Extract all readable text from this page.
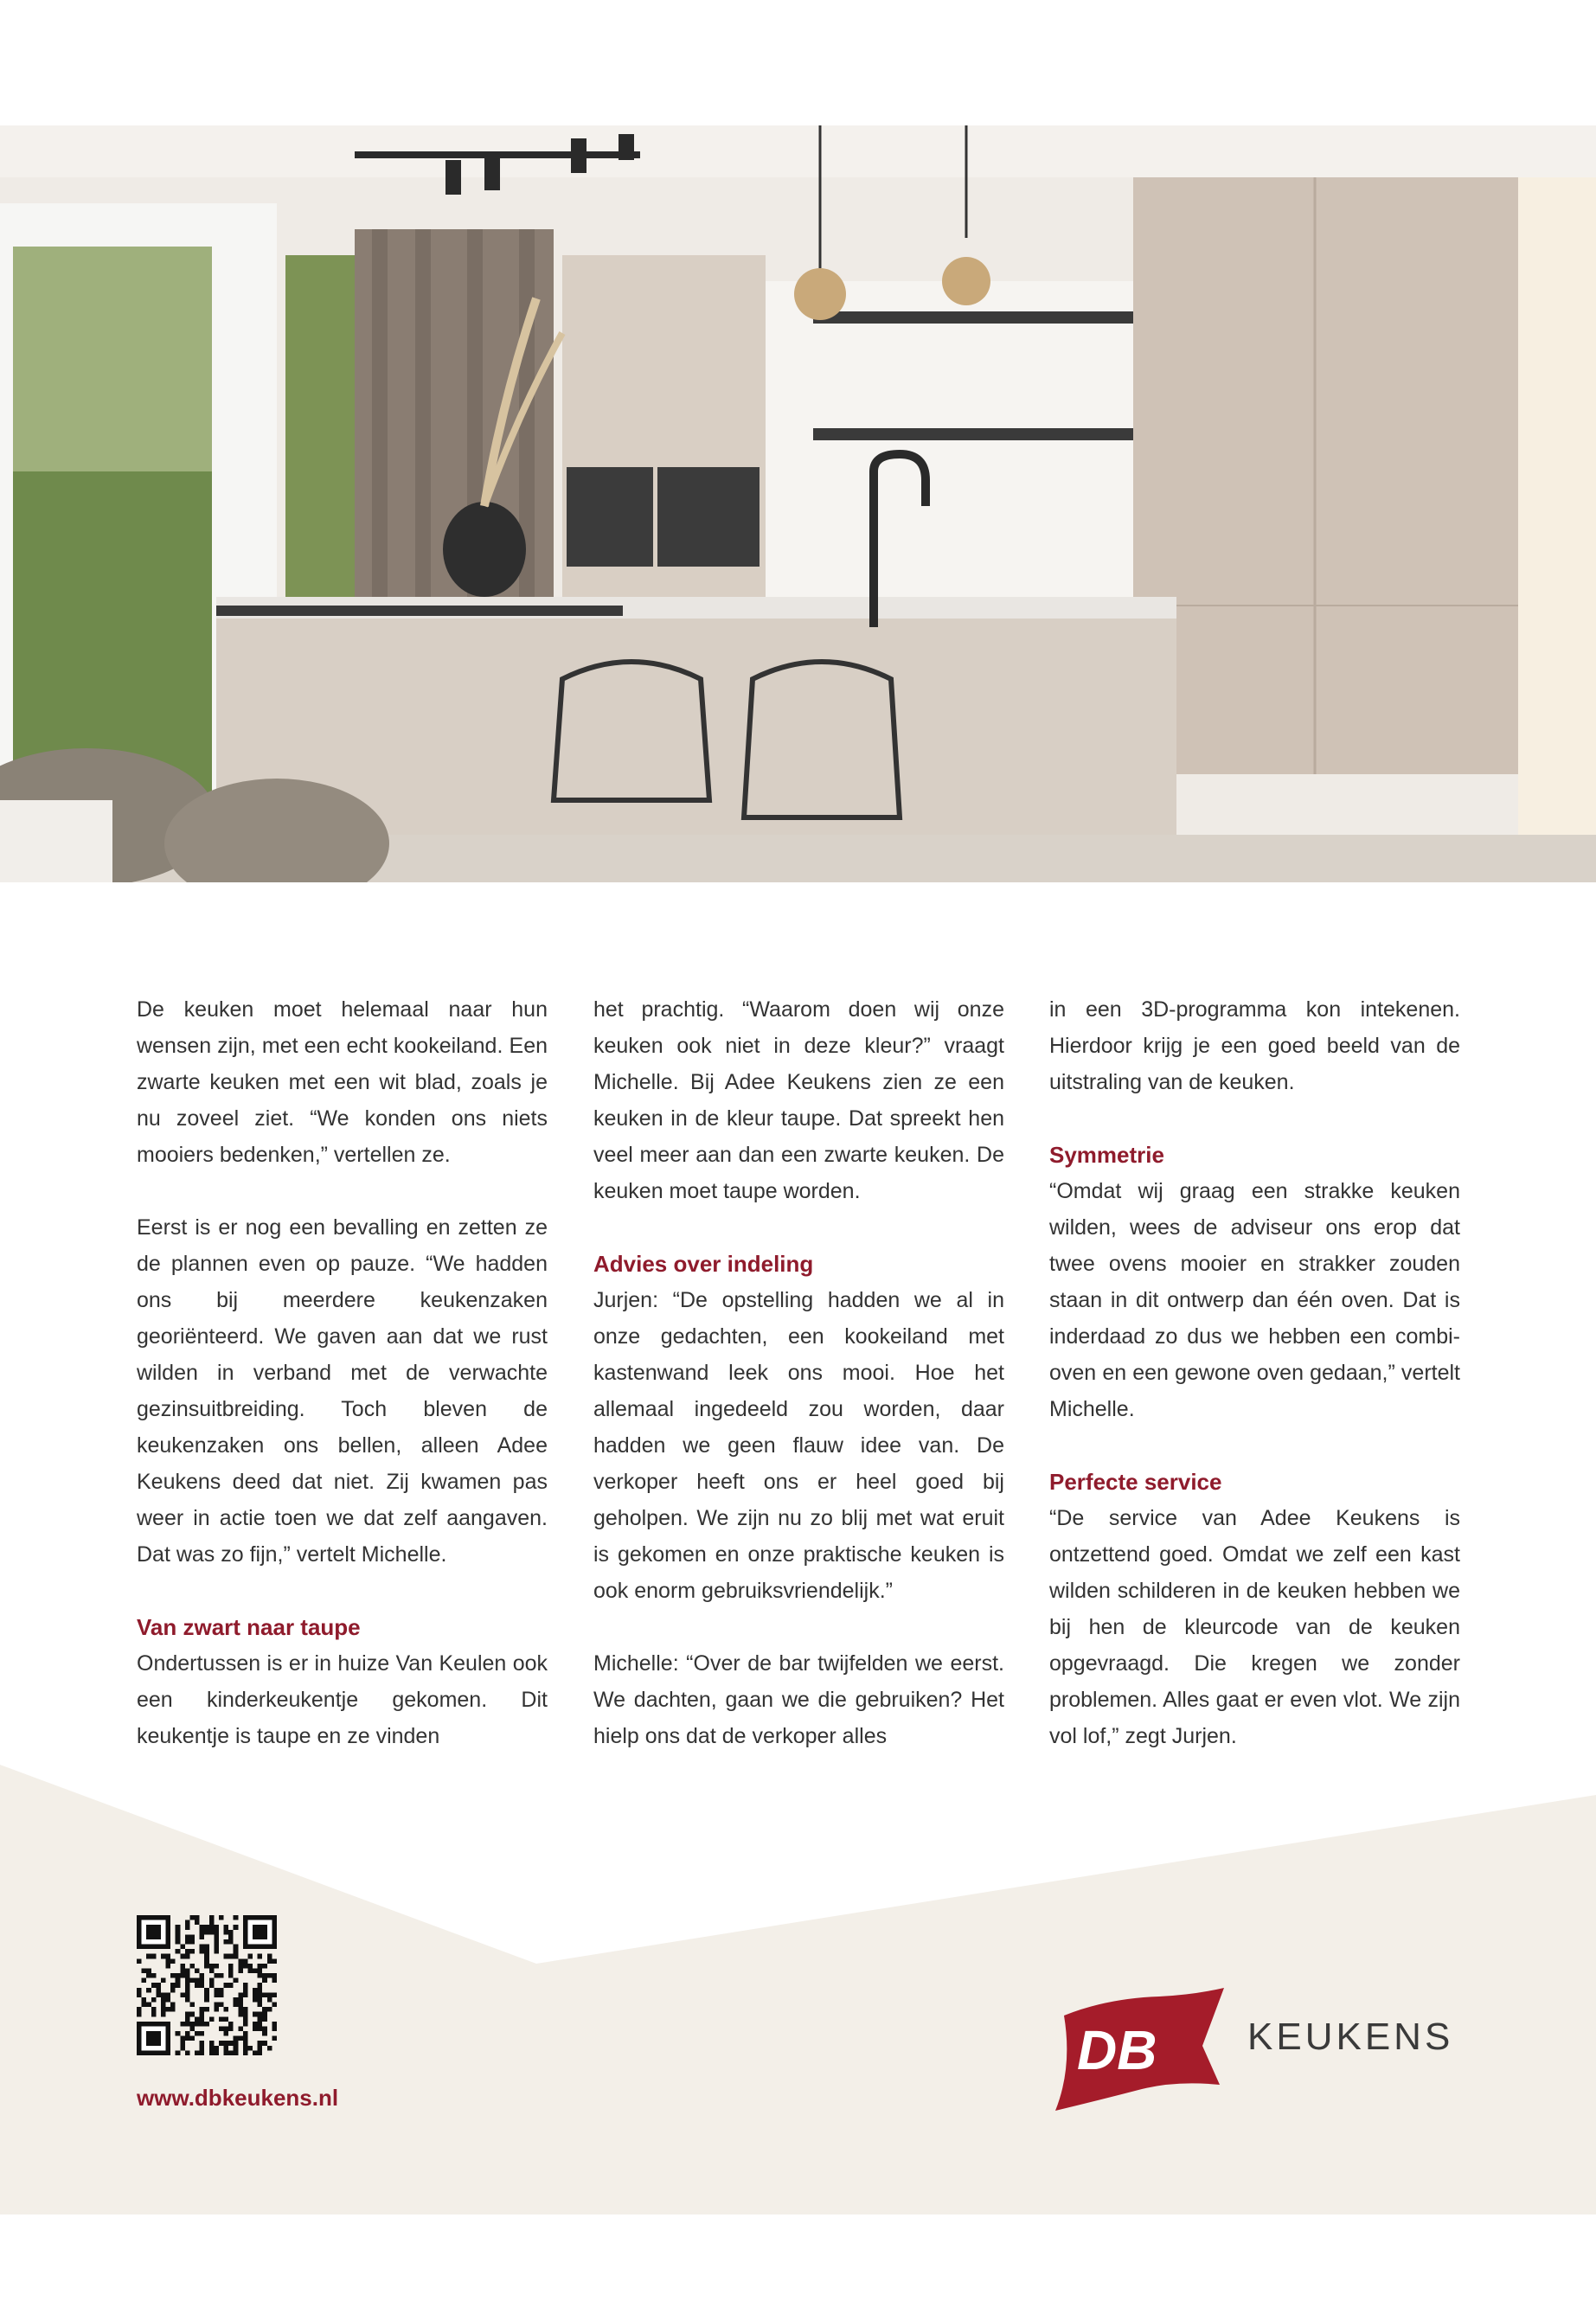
De keuken moet helemaal naar hun wensen zijn, met een echt kookeiland. Een zwarte keuken met een wit blad, zoals je nu zoveel ziet. “We konden ons niets mooiers bedenken,” vertellen ze.

Eerst is er nog een bevalling en zetten ze de plannen even op pauze. “We hadden ons bij meerdere keukenzaken georiënteerd. We gaven aan dat we rust wilden in verband met de verwachte gezinsuitbreiding. Toch bleven de keukenzaken ons bellen, alleen Adee Keukens deed dat niet. Zij kwamen pas weer in actie toen we dat zelf aangaven. Dat was zo fijn,” vertelt Michelle.

Van zwart naar taupe

Ondertussen is er in huize Van Keulen ook een kinderkeukentje gekomen. Dit keukentje is taupe en ze vinden

het prachtig. “Waarom doen wij onze keuken ook niet in deze kleur?” vraagt Michelle. Bij Adee Keukens zien ze een keuken in de kleur taupe. Dat spreekt hen veel meer aan dan een zwarte keuken. De keuken moet taupe worden.

Advies over indeling

Jurjen: “De opstelling hadden we al in onze gedachten, een kookeiland met kastenwand leek ons mooi. Hoe het allemaal ingedeeld zou worden, daar hadden we geen flauw idee van. De verkoper heeft ons er heel goed bij geholpen. We zijn nu zo blij met wat eruit is gekomen en onze praktische keuken is ook enorm gebruiksvriendelijk.”

Michelle: “Over de bar twijfelden we eerst. We dachten, gaan we die gebruiken? Het hielp ons dat de verkoper alles

in een 3D-programma kon intekenen. Hierdoor krijg je een goed beeld van de uitstraling van de keuken.

Symmetrie

“Omdat wij graag een strakke keuken wilden, wees de adviseur ons erop dat twee ovens mooier en strakker zouden staan in dit ontwerp dan één oven. Dat is inderdaad zo dus we hebben een combi-oven en een gewone oven gedaan,” vertelt Michelle.

Perfecte service

“De service van Adee Keukens is ontzettend goed. Omdat we zelf een kast wilden schilderen in de keuken hebben we bij hen de kleurcode van de keuken opgevraagd. Die kregen we zonder problemen. Alles gaat er even vlot. We zijn vol lof,” zegt Jurjen.

www.dbkeukens.nl
DB KEUKENS
